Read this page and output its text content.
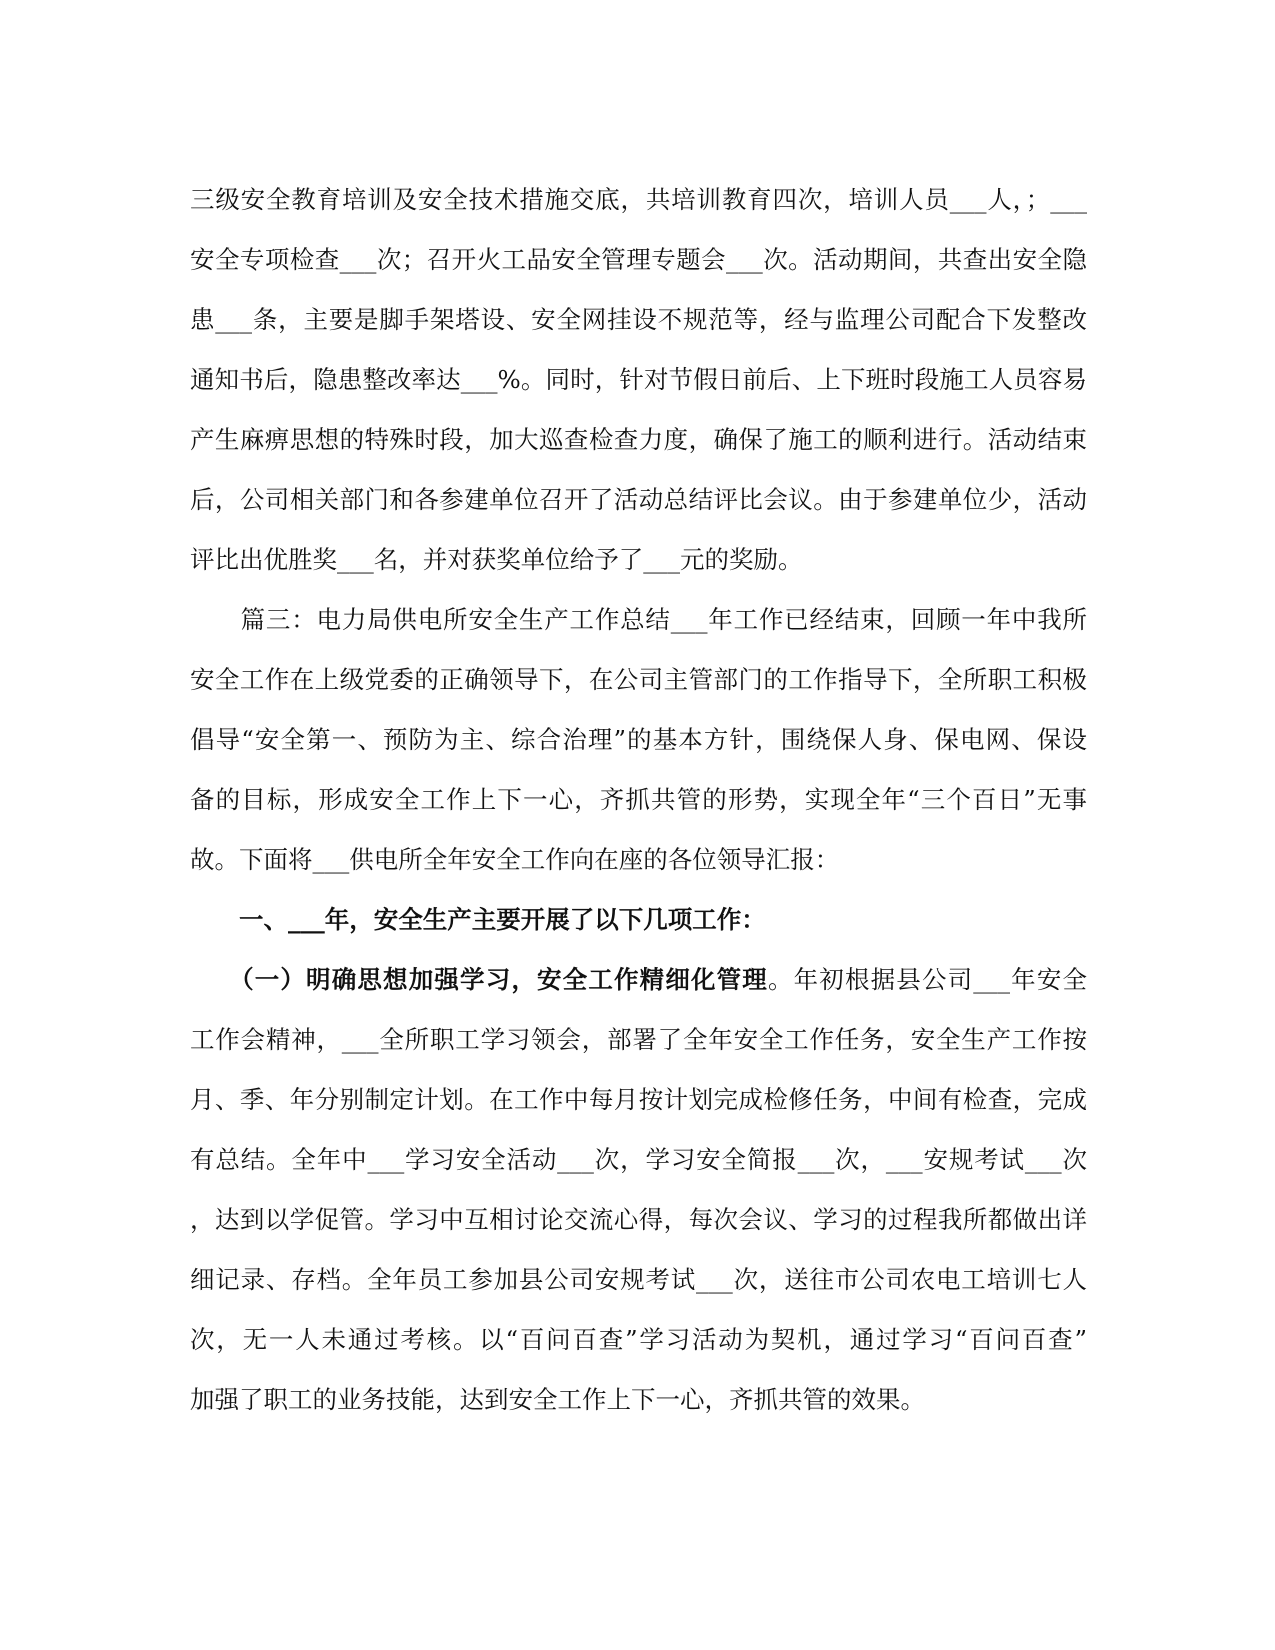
三级安全教育培训及安全技术措施交底，共培训教育四次，培训人员___人，；___
安全专项检查___次；召开火工品安全管理专题会___次。活动期间，共查出安全隐
患___条，主要是脚手架塔设、安全网挂设不规范等，经与监理公司配合下发整改
通知书后，隐患整改率达___%。同时，针对节假日前后、上下班时段施工人员容易
产生麻痹思想的特殊时段，加大巡查检查力度，确保了施工的顺利进行。活动结束
后，公司相关部门和各参建单位召开了活动总结评比会议。由于参建单位少，活动
评比出优胜奖___名，并对获奖单位给予了___元的奖励。
　　篇三：电力局供电所安全生产工作总结___年工作已经结束，回顾一年中我所
安全工作在上级党委的正确领导下，在公司主管部门的工作指导下，全所职工积极
倡导“安全第一、预防为主、综合治理”的基本方针，围绕保人身、保电网、保设
备的目标，形成安全工作上下一心，齐抓共管的形势，实现全年“三个百日”无事
故。下面将___供电所全年安全工作向在座的各位领导汇报：
　　一、___年，安全生产主要开展了以下几项工作：
　　（一）明确思想加强学习，安全工作精细化管理。年初根据县公司___年安全
工作会精神，___全所职工学习领会，部署了全年安全工作任务，安全生产工作按
月、季、年分别制定计划。在工作中每月按计划完成检修任务，中间有检查，完成
有总结。全年中___学习安全活动___次，学习安全简报___次，___安规考试___次
，达到以学促管。学习中互相讨论交流心得，每次会议、学习的过程我所都做出详
细记录、存档。全年员工参加县公司安规考试___次，送往市公司农电工培训七人
次，无一人未通过考核。以“百问百查”学习活动为契机，通过学习“百问百查”
加强了职工的业务技能，达到安全工作上下一心，齐抓共管的效果。
